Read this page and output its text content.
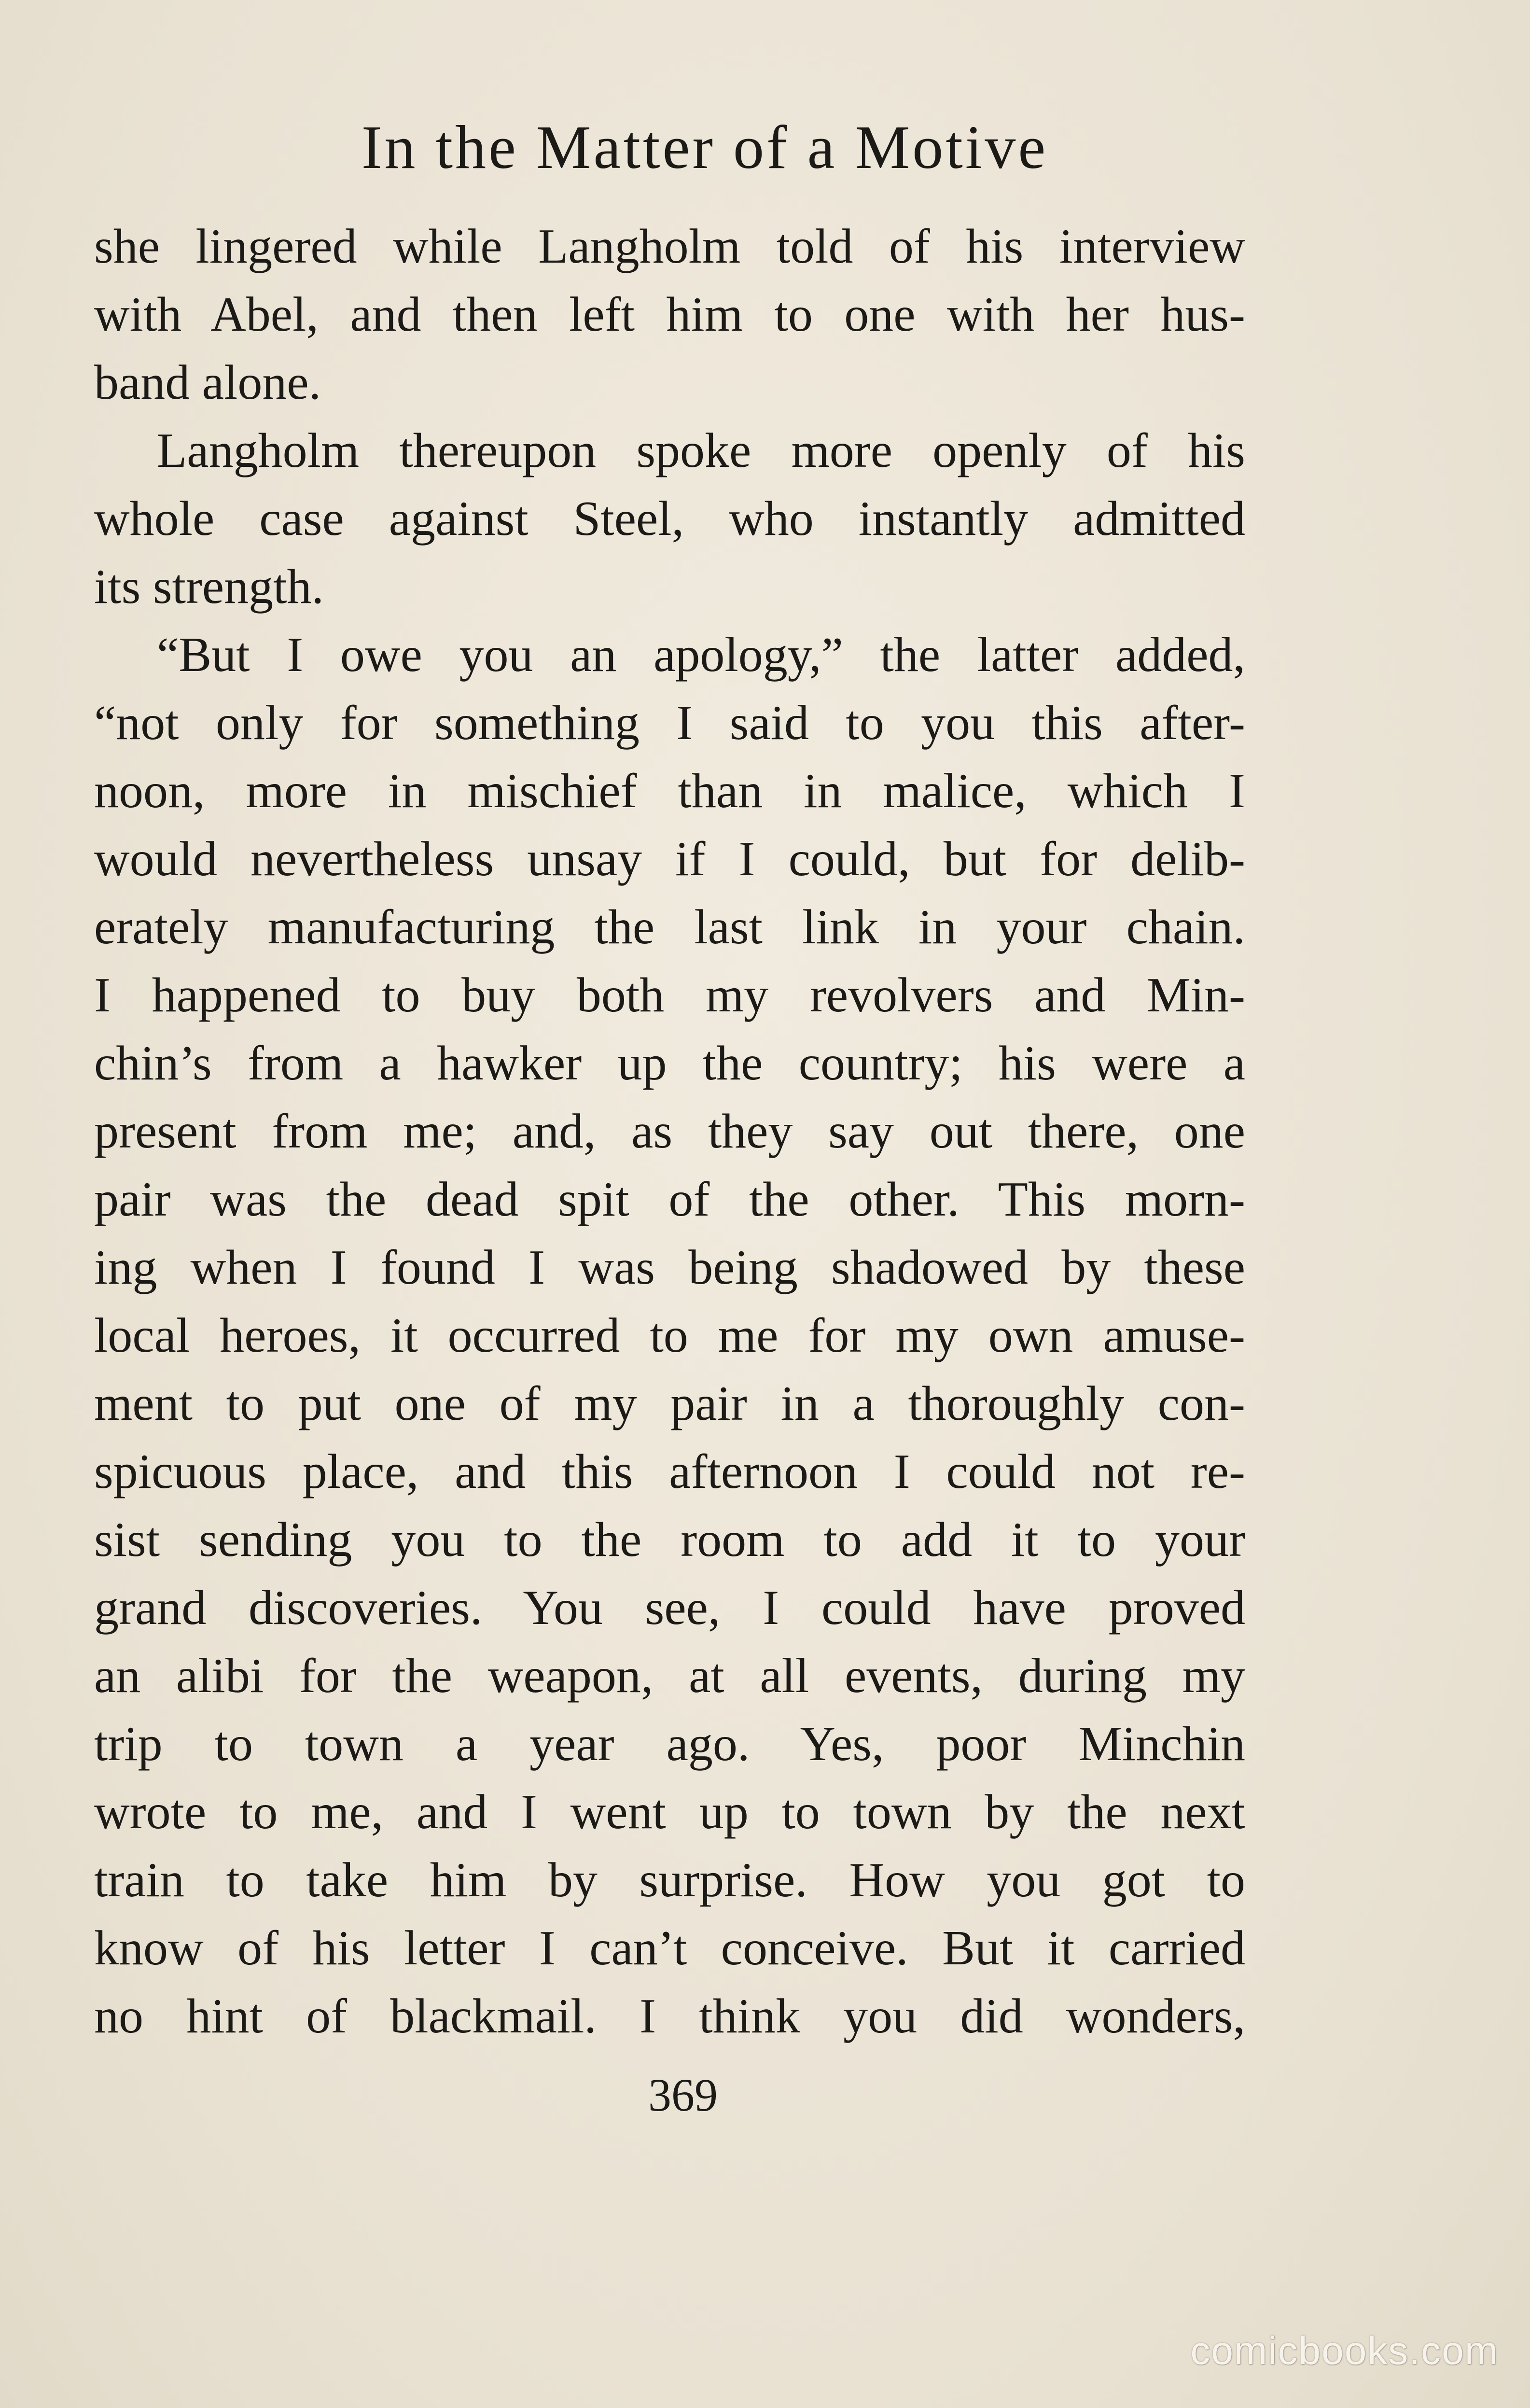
In the Matter of a Motive
she lingered while Langholm told of his interview
with Abel, and then left him to one with her hus-
band alone.
Langholm thereupon spoke more openly of his
whole case against Steel, who instantly admitted
its strength.
“But I owe you an apology,” the latter added,
“not only for something I said to you this after-
noon, more in mischief than in malice, which I
would nevertheless unsay if I could, but for delib-
erately manufacturing the last link in your chain.
I happened to buy both my revolvers and Min-
chin’s from a hawker up the country; his were a
present from me; and, as they say out there, one
pair was the dead spit of the other. This morn-
ing when I found I was being shadowed by these
local heroes, it occurred to me for my own amuse-
ment to put one of my pair in a thoroughly con-
spicuous place, and this afternoon I could not re-
sist sending you to the room to add it to your
grand discoveries. You see, I could have proved
an alibi for the weapon, at all events, during my
trip to town a year ago. Yes, poor Minchin
wrote to me, and I went up to town by the next
train to take him by surprise. How you got to
know of his letter I can’t conceive. But it carried
no hint of blackmail. I think you did wonders,
369
comicbooks.com
